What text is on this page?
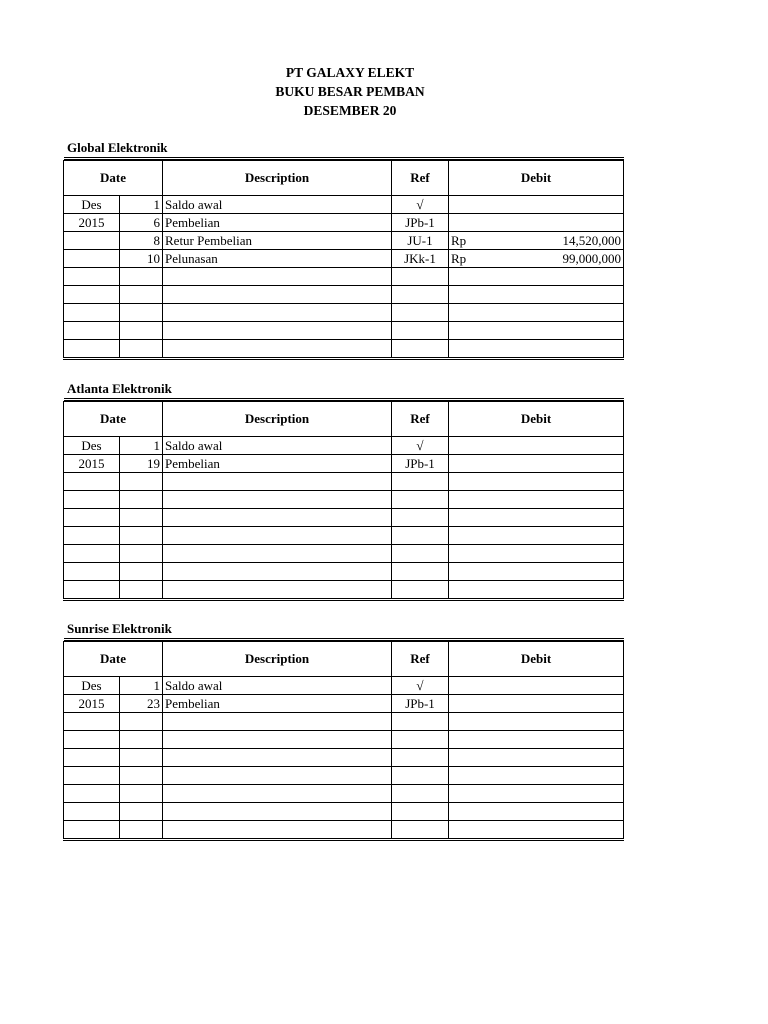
PT GALAXY ELEKT
BUKU BESAR PEMBAN
DESEMBER 20
Global Elektronik

Date		Description	Ref	Debit	
Des	1	Saldo awal	√		
2015	6	Pembelian	JPb-1		
	8	Retur Pembelian	JU-1	Rp	14,520,000
	10	Pelunasan	JKk-1	Rp	99,000,000

Atlanta Elektronik

Date		Description	Ref	Debit	
Des	1	Saldo awal	√		
2015	19	Pembelian	JPb-1		

Sunrise Elektronik

Date		Description	Ref	Debit	
Des	1	Saldo awal	√		
2015	23	Pembelian	JPb-1		
